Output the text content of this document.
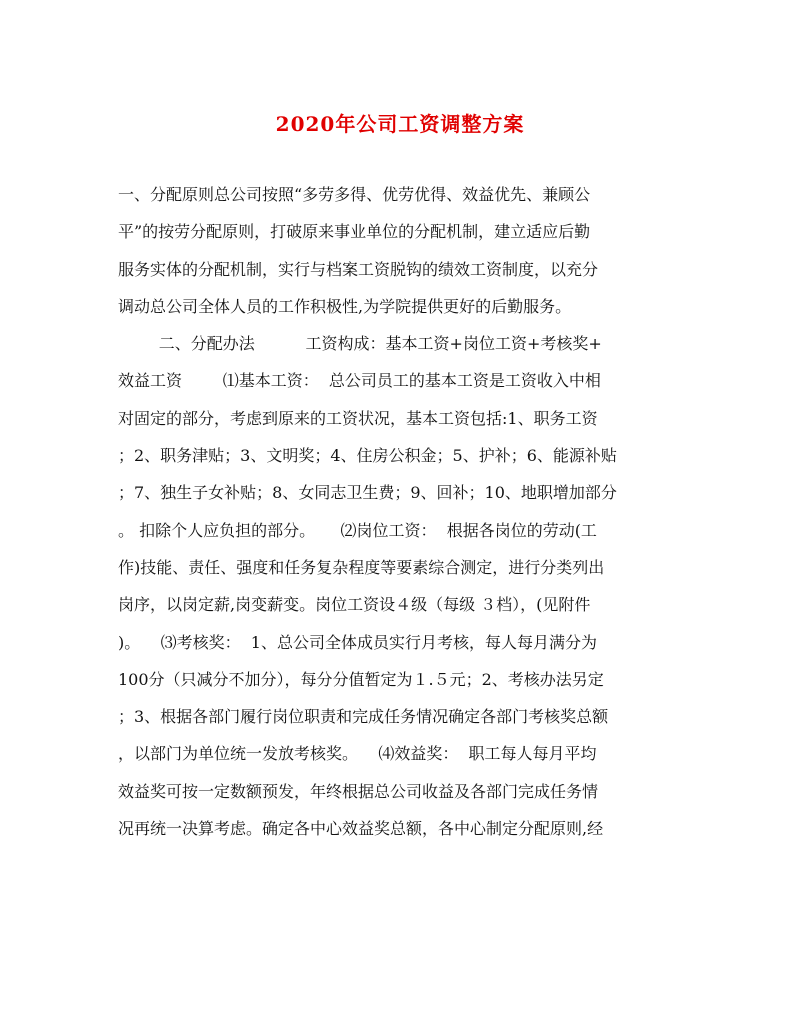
2020年公司工资调整方案
一、分配原则总公司按照“多劳多得、优劳优得、效益优先、兼顾公
平”的按劳分配原则，打破原来事业单位的分配机制，建立适应后勤
服务实体的分配机制，实行与档案工资脱钩的绩效工资制度，以充分
调动总公司全体人员的工作积极性,为学院提供更好的后勤服务。
二、分配办法          工资构成：基本工资+岗位工资+考核奖+
效益工资        ⑴基本工资：  总公司员工的基本工资是工资收入中相
对固定的部分，考虑到原来的工资状况，基本工资包括:1、职务工资
；2、职务津贴；3、文明奖；4、住房公积金；5、护补；6、能源补贴
；7、独生子女补贴；8、女同志卫生费；9、回补；10、地职增加部分
。 扣除个人应负担的部分。     ⑵岗位工资：  根据各岗位的劳动(工
作)技能、责任、强度和任务复杂程度等要素综合测定，进行分类列出
岗序，以岗定薪,岗变薪变。岗位工资设４级（每级 ３档），(见附件
)。    ⑶考核奖：  1、总公司全体成员实行月考核，每人每月满分为
100分（只减分不加分），每分分值暂定为１.５元；2、考核办法另定
；3、根据各部门履行岗位职责和完成任务情况确定各部门考核奖总额
，以部门为单位统一发放考核奖。    ⑷效益奖：  职工每人每月平均
效益奖可按一定数额预发，年终根据总公司收益及各部门完成任务情
况再统一决算考虑。确定各中心效益奖总额，各中心制定分配原则,经
